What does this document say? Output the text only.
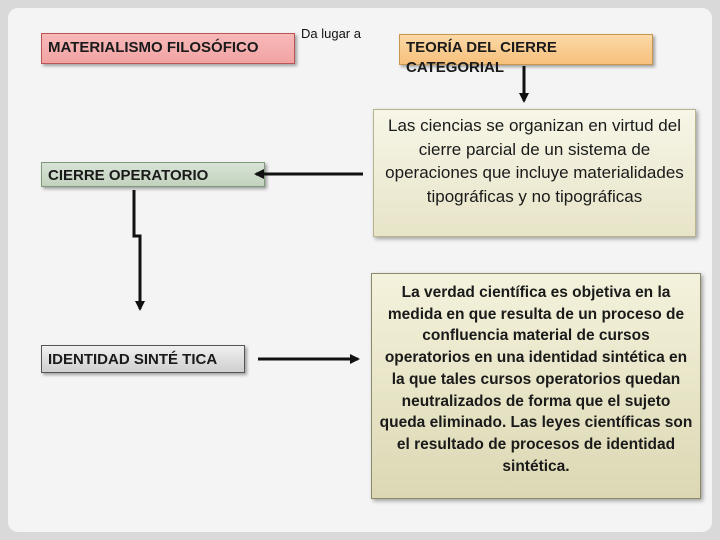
MATERIALISMO FILOSÓFICO
Da lugar a
TEORÍA DEL CIERRE CATEGORIAL
Las ciencias se organizan en virtud del cierre parcial de un sistema de operaciones que incluye materialidades tipográficas y no tipográficas
CIERRE OPERATORIO
IDENTIDAD SINTÉ TICA
La verdad científica es objetiva en la medida en que resulta de un proceso de confluencia material de cursos operatorios en una identidad sintética en la que tales cursos operatorios quedan neutralizados de forma que el sujeto queda eliminado. Las leyes científicas son el resultado de procesos de identidad sintética.
